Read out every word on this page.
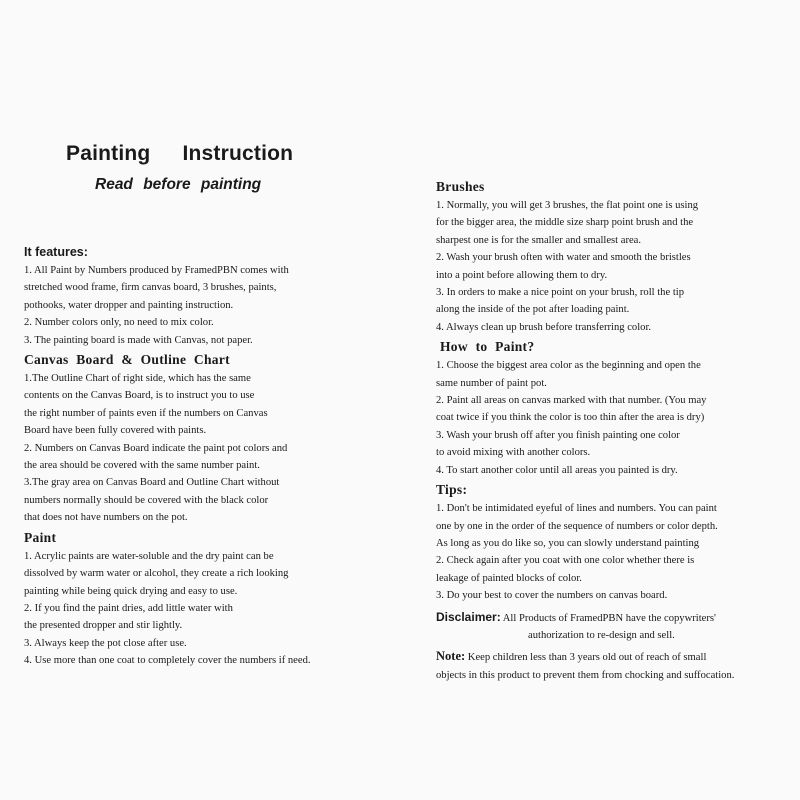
Painting Instruction
Read before painting
It features:

1. All Paint by Numbers produced by FramedPBN comes with

stretched wood frame, firm canvas board, 3 brushes, paints,

pothooks, water dropper and painting instruction.

2. Number colors only, no need to mix color.

3. The painting board is made with Canvas, not paper.

Canvas Board & Outline Chart

1.The Outline Chart of right side, which has the same

contents on the Canvas Board, is to instruct you to use

the right number of paints even if the numbers on Canvas

Board have been fully covered with paints.

2. Numbers on Canvas Board indicate the paint pot colors and

the area should be covered with the same number paint.

3.The gray area on Canvas Board and Outline Chart without

numbers normally should be covered with the black color

that does not have numbers on the pot.

Paint

1. Acrylic paints are water-soluble and the dry paint can be

dissolved by warm water or alcohol, they create a rich looking

painting while being quick drying and easy to use.

2. If you find the paint dries, add little water with

the presented dropper and stir lightly.

3. Always keep the pot close after use.

4. Use more than one coat to completely cover the numbers if need.

Brushes

1. Normally, you will get 3 brushes, the flat point one is using

for the bigger area, the middle size sharp point brush and the

sharpest one is for the smaller and smallest area.

2. Wash your brush often with water and smooth the bristles

into a point before allowing them to dry.

3. In orders to make a nice point on your brush, roll the tip

along the inside of the pot after loading paint.

4. Always clean up brush before transferring color.

How to Paint?

1. Choose the biggest area color as the beginning and open the

same number of paint pot.

2. Paint all areas on canvas marked with that number. (You may

coat twice if you think the color is too thin after the area is dry)

3. Wash your brush off after you finish painting one color

to avoid mixing with another colors.

4. To start another color until all areas you painted is dry.

Tips:

1. Don't be intimidated eyeful of lines and numbers. You can paint

one by one in the order of the sequence of numbers or color depth.

As long as you do like so, you can slowly understand painting

2. Check again after you coat with one color whether there is

leakage of painted blocks of color.

3. Do your best to cover the numbers on canvas board.

Disclaimer: All Products of FramedPBN have the copywriters'

authorization to re-design and sell.

Note: Keep children less than 3 years old out of reach of small

objects in this product to prevent them from chocking and suffocation.
